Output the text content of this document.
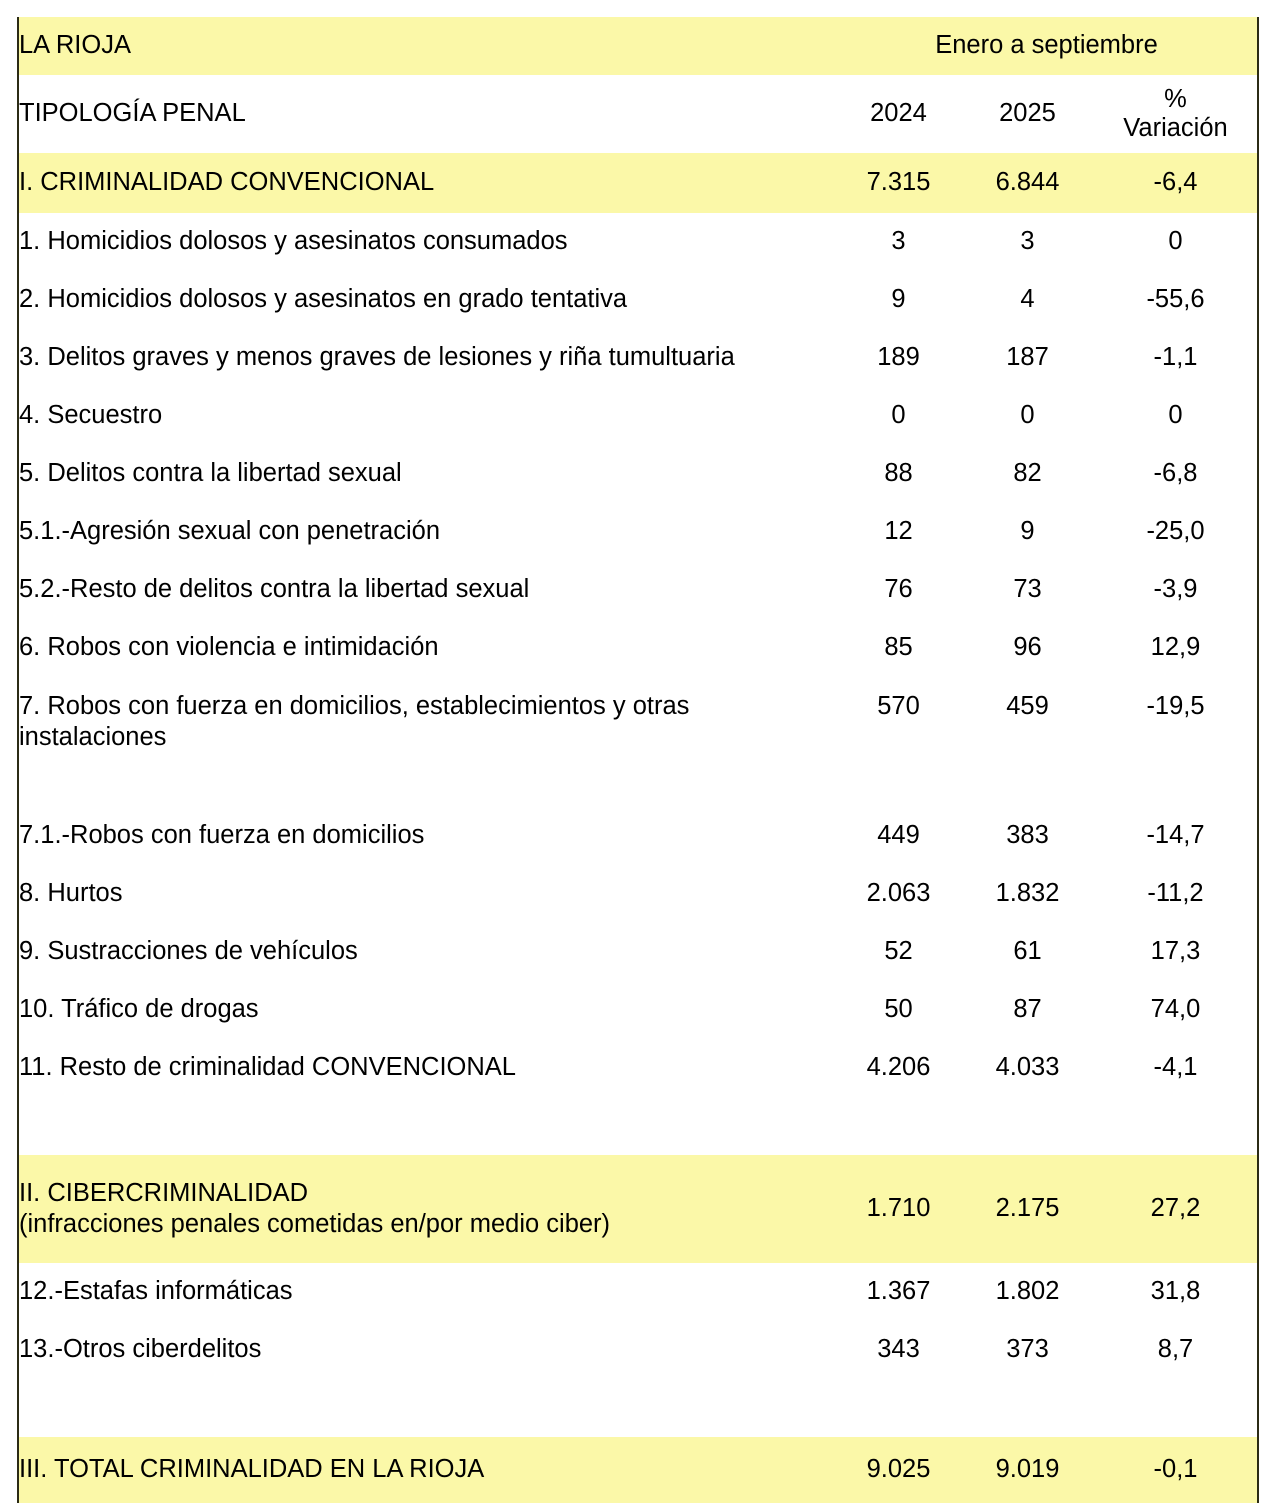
LA RIOJA	Enero a septiembre		
TIPOLOGÍA PENAL	2024	2025	%
Variación

I. CRIMINALIDAD CONVENCIONAL	7.315	6.844	-6,4
1. Homicidios dolosos y asesinatos consumados	3	3	0
2. Homicidios dolosos y asesinatos en grado tentativa	9	4	-55,6
3. Delitos graves y menos graves de lesiones y riña tumultuaria	189	187	-1,1
4. Secuestro	0	0	0
5. Delitos contra la libertad sexual	88	82	-6,8
5.1.-Agresión sexual con penetración	12	9	-25,0
5.2.-Resto de delitos contra la libertad sexual	76	73	-3,9
6. Robos con violencia e intimidación	85	96	12,9
7. Robos con fuerza en domicilios, establecimientos y otras instalaciones	570	459	-19,5
7.1.-Robos con fuerza en domicilios	449	383	-14,7
8. Hurtos	2.063	1.832	-11,2
9. Sustracciones de vehículos	52	61	17,3
10. Tráfico de drogas	50	87	74,0
11. Resto de criminalidad CONVENCIONAL	4.206	4.033	-4,1

II. CIBERCRIMINALIDAD
(infracciones penales cometidas en/por medio ciber)	1.710	2.175	27,2
12.-Estafas informáticas	1.367	1.802	31,8
13.-Otros ciberdelitos	343	373	8,7

III. TOTAL CRIMINALIDAD EN LA RIOJA	9.025	9.019	-0,1
